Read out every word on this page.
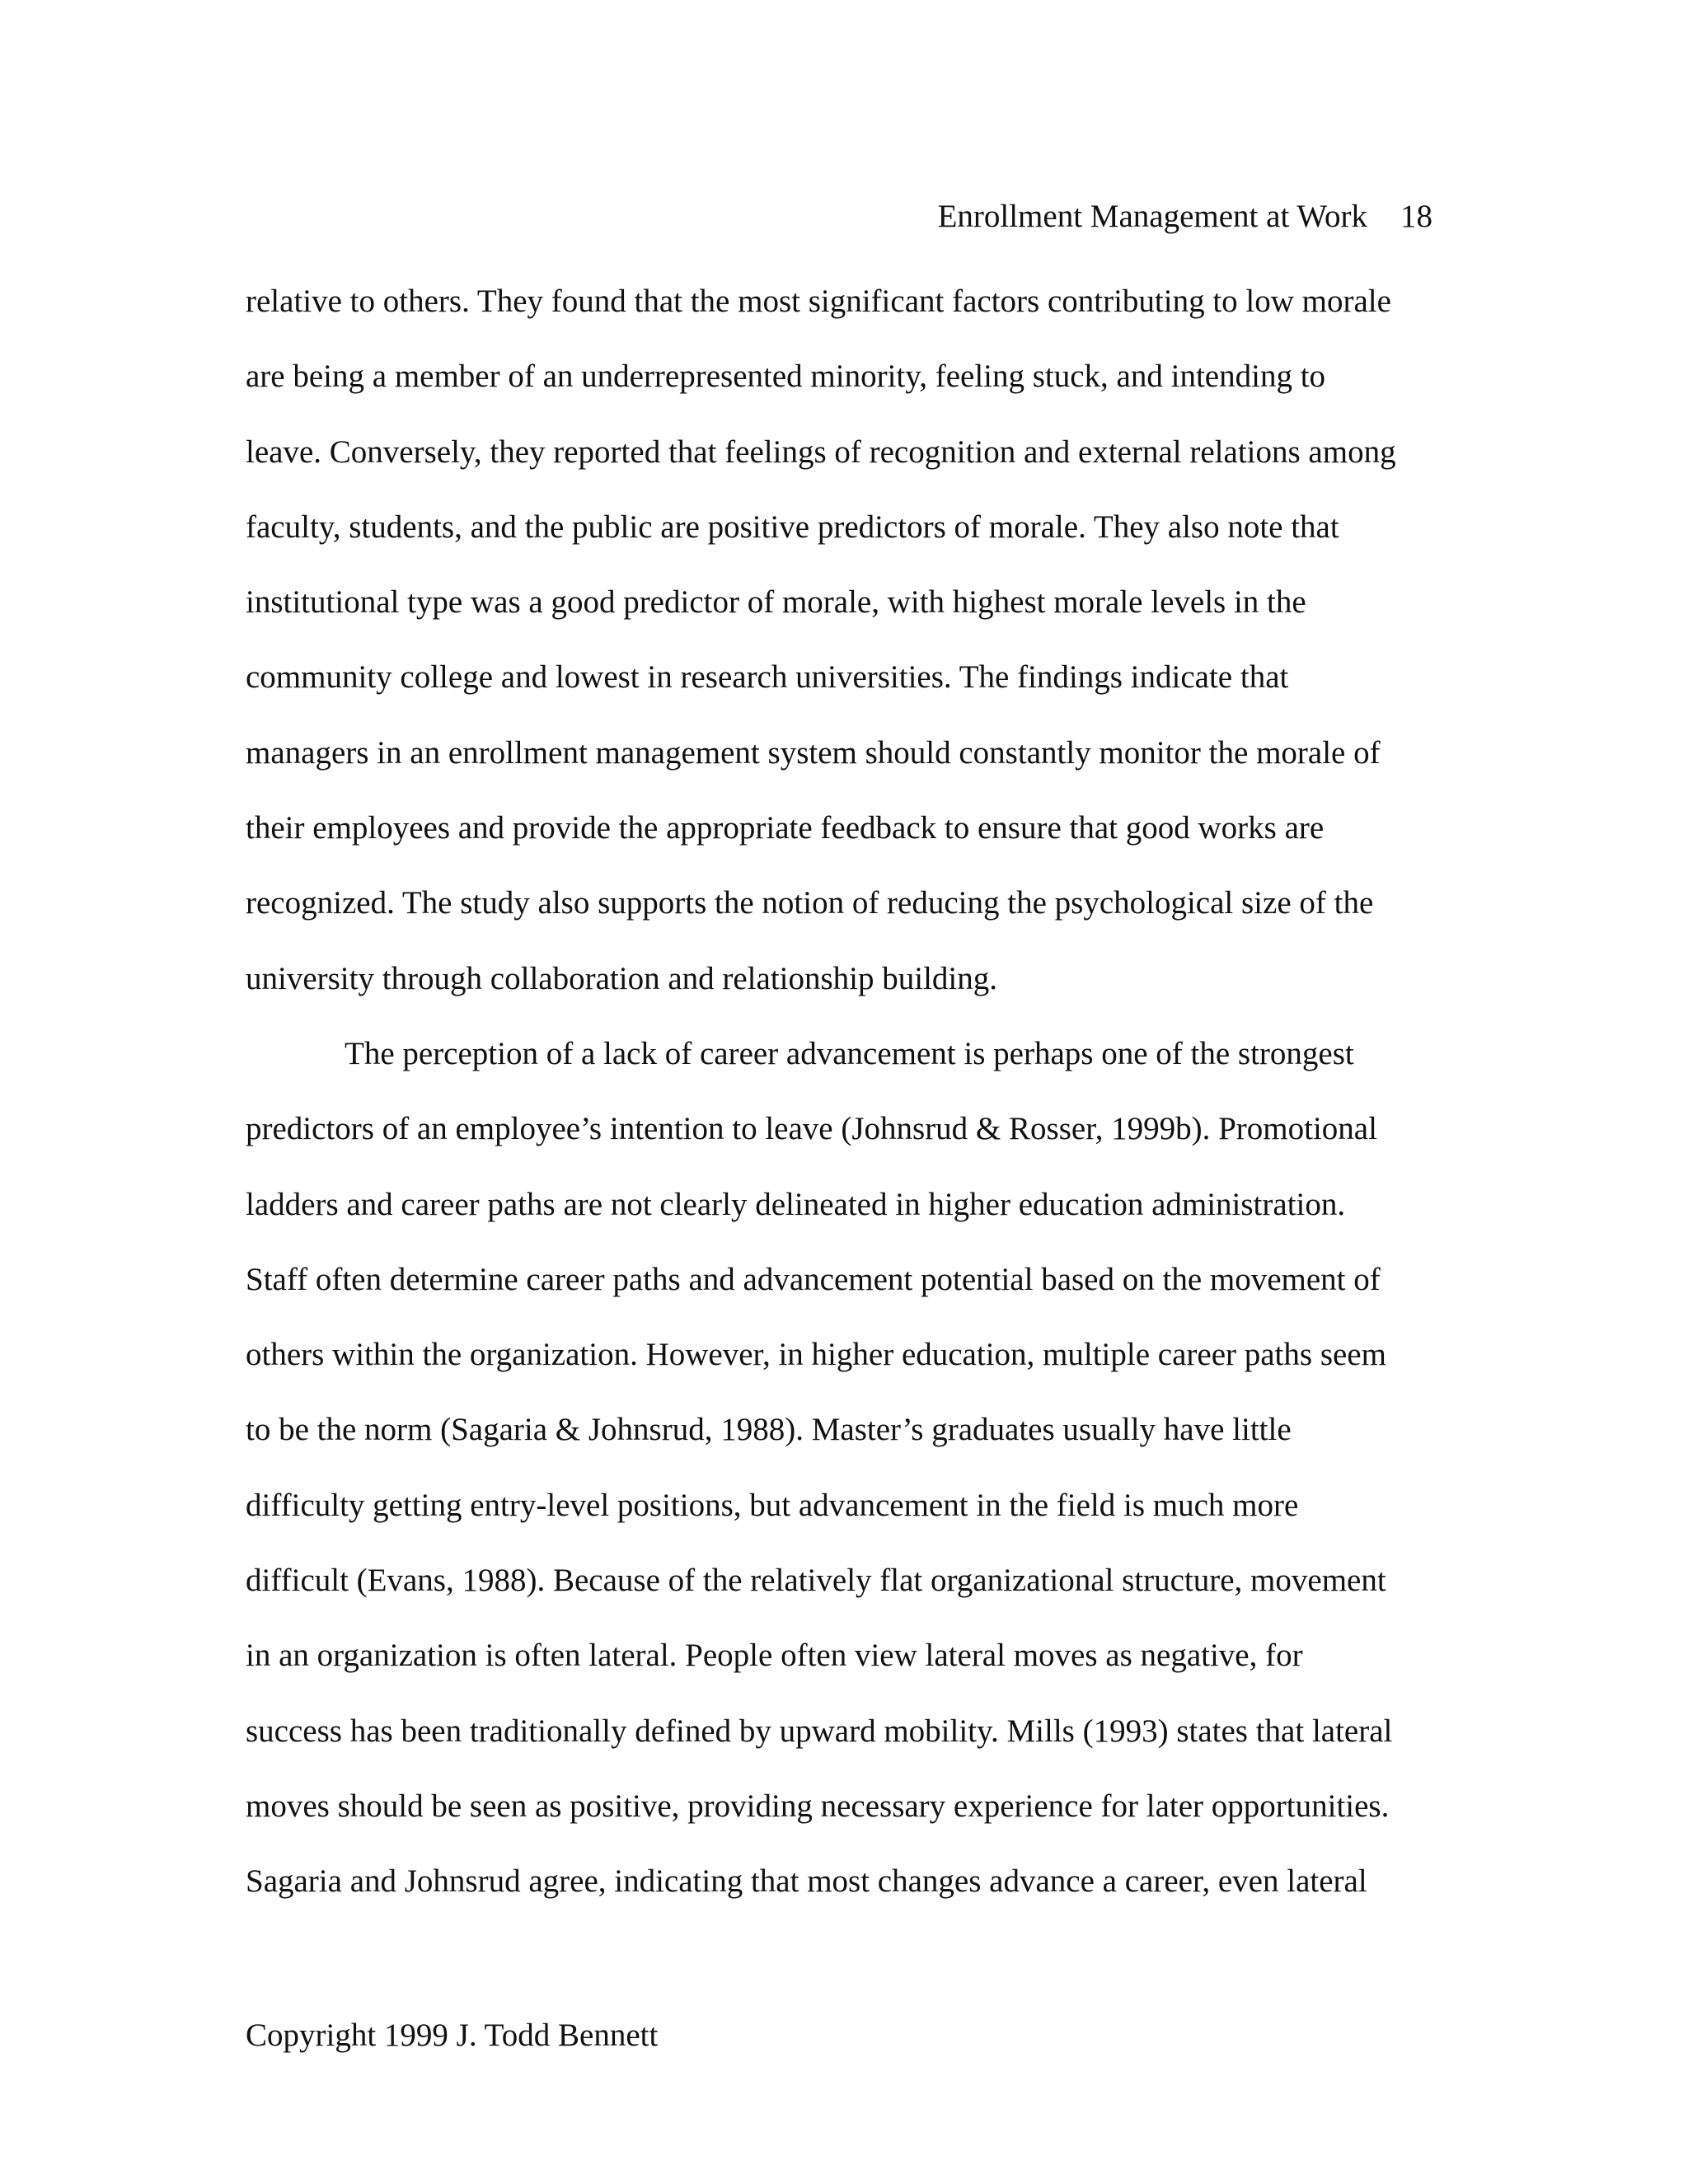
Enrollment Management at Work 18
relative to others. They found that the most significant factors contributing to low morale
are being a member of an underrepresented minority, feeling stuck, and intending to
leave. Conversely, they reported that feelings of recognition and external relations among
faculty, students, and the public are positive predictors of morale. They also note that
institutional type was a good predictor of morale, with highest morale levels in the
community college and lowest in research universities. The findings indicate that
managers in an enrollment management system should constantly monitor the morale of
their employees and provide the appropriate feedback to ensure that good works are
recognized. The study also supports the notion of reducing the psychological size of the
university through collaboration and relationship building.
The perception of a lack of career advancement is perhaps one of the strongest
predictors of an employee’s intention to leave (Johnsrud & Rosser, 1999b). Promotional
ladders and career paths are not clearly delineated in higher education administration.
Staff often determine career paths and advancement potential based on the movement of
others within the organization. However, in higher education, multiple career paths seem
to be the norm (Sagaria & Johnsrud, 1988). Master’s graduates usually have little
difficulty getting entry-level positions, but advancement in the field is much more
difficult (Evans, 1988). Because of the relatively flat organizational structure, movement
in an organization is often lateral. People often view lateral moves as negative, for
success has been traditionally defined by upward mobility. Mills (1993) states that lateral
moves should be seen as positive, providing necessary experience for later opportunities.
Sagaria and Johnsrud agree, indicating that most changes advance a career, even lateral
Copyright 1999 J. Todd Bennett
